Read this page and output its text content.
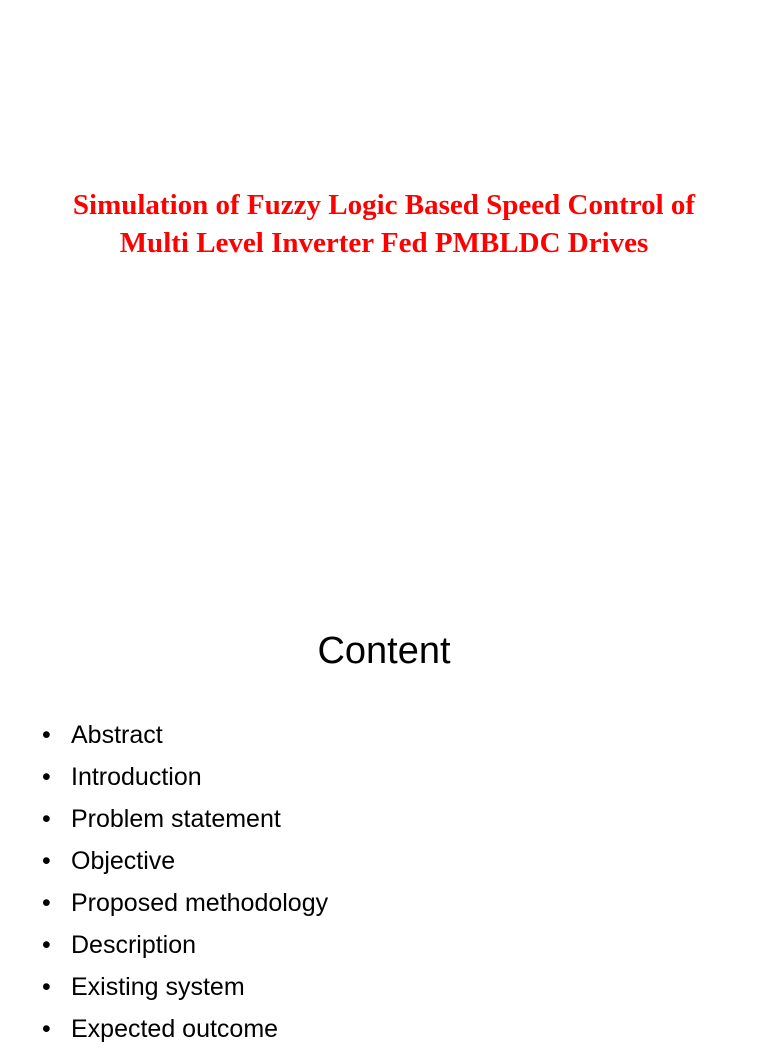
Simulation of Fuzzy Logic Based Speed Control of Multi Level Inverter Fed PMBLDC Drives
Content
• Abstract
• Introduction
• Problem statement
• Objective
• Proposed methodology
• Description
• Existing system
• Expected outcome
